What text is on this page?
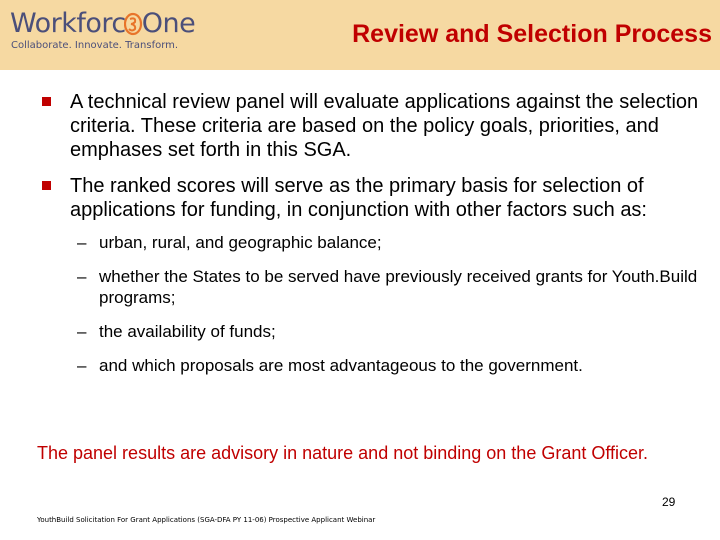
Workforc One
Collaborate. Innovate. Transform.	Review and Selection Process
A technical review panel will evaluate applications against the selection criteria. These criteria are based on the policy goals, priorities, and emphases set forth in this SGA.
The ranked scores will serve as the primary basis for selection of applications for funding, in conjunction with other factors such as:
– urban, rural, and geographic balance;
– whether the States to be served have previously received grants for Youth.Build programs;
– the availability of funds;
– and which proposals are most advantageous to the government.
The panel results are advisory in nature and not binding on the Grant Officer.
29
YouthBuild Solicitation For Grant Applications (SGA-DFA PY 11-06) Prospective Applicant Webinar
